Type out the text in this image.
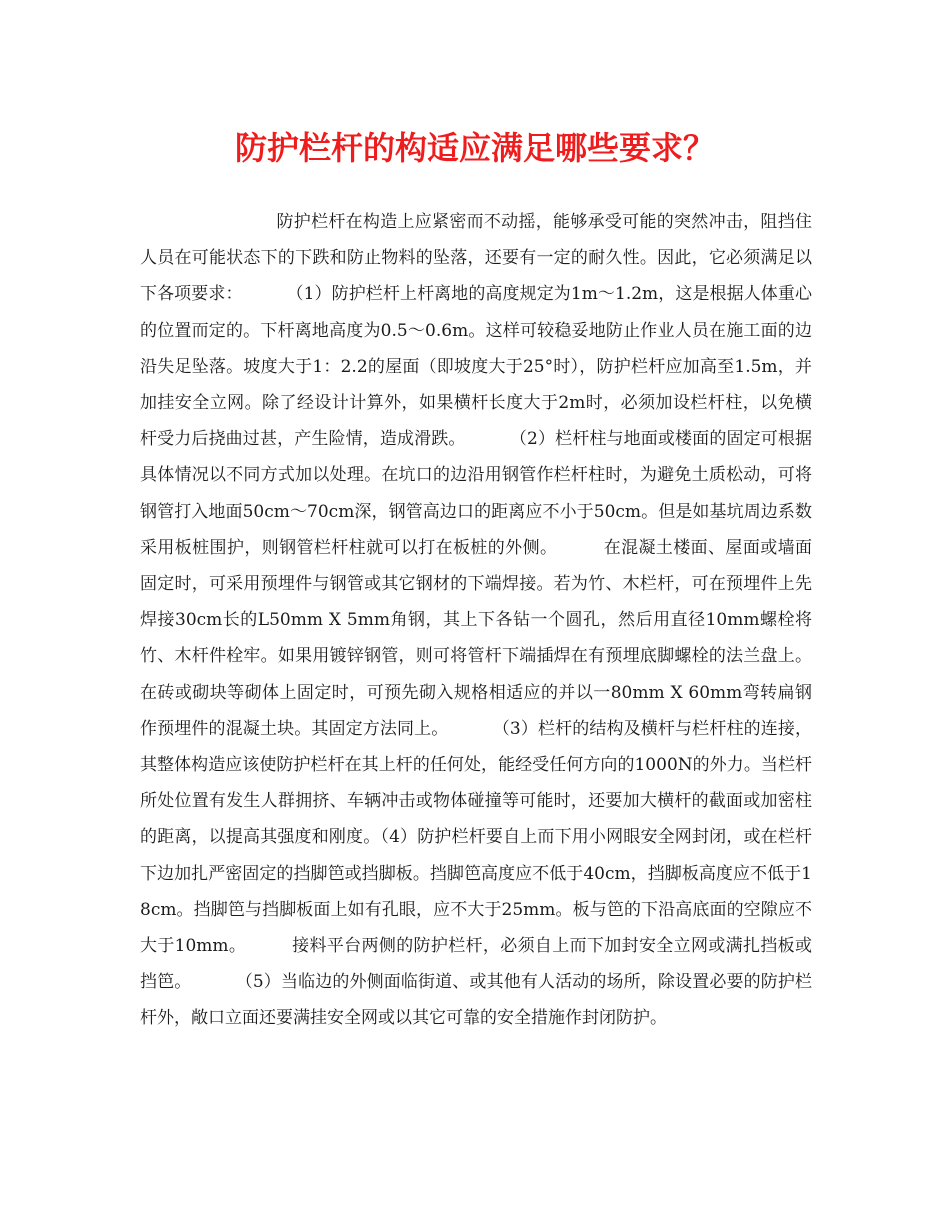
防护栏杆的构适应满足哪些要求？

防护栏杆在构造上应紧密而不动摇，能够承受可能的突然冲击，阻挡住人员在可能状态下的下跌和防止物料的坠落，还要有一定的耐久性。因此，它必须满足以下各项要求：        （1）防护栏杆上杆离地的高度规定为1m～1.2m，这是根据人体重心的位置而定的。下杆离地高度为0.5～0.6m。这样可较稳妥地防止作业人员在施工面的边沿失足坠落。坡度大于1：2.2的屋面（即坡度大于25°时），防护栏杆应加高至1.5m，并加挂安全立网。除了经设计计算外，如果横杆长度大于2m时，必须加设栏杆柱，以免横杆受力后挠曲过甚，产生险情，造成滑跌。        （2）栏杆柱与地面或楼面的固定可根据具体情况以不同方式加以处理。在坑口的边沿用钢管作栏杆柱时，为避免土质松动，可将钢管打入地面50cm～70cm深，钢管高边口的距离应不小于50cm。但是如基坑周边系数采用板桩围护，则钢管栏杆柱就可以打在板桩的外侧。        在混凝土楼面、屋面或墙面固定时，可采用预埋件与钢管或其它钢材的下端焊接。若为竹、木栏杆，可在预埋件上先焊接30cm长的L50mm X 5mm角钢，其上下各钻一个圆孔，然后用直径10mm螺栓将竹、木杆件栓牢。如果用镀锌钢管，则可将管杆下端插焊在有预埋底脚螺栓的法兰盘上。        在砖或砌块等砌体上固定时，可预先砌入规格相适应的并以一80mm X 60mm弯转扁钢作预埋件的混凝土块。其固定方法同上。        （3）栏杆的结构及横杆与栏杆柱的连接，其整体构造应该使防护栏杆在其上杆的任何处，能经受任何方向的1000N的外力。当栏杆所处位置有发生人群拥挤、车辆冲击或物体碰撞等可能时，还要加大横杆的截面或加密柱的距离，以提高其强度和刚度。（4）防护栏杆要自上而下用小网眼安全网封闭，或在栏杆下边加扎严密固定的挡脚笆或挡脚板。挡脚笆高度应不低于40cm，挡脚板高度应不低于18cm。挡脚笆与挡脚板面上如有孔眼，应不大于25mm。板与笆的下沿高底面的空隙应不大于10mm。        接料平台两侧的防护栏杆，必须自上而下加封安全立网或满扎挡板或挡笆。        （5）当临边的外侧面临街道、或其他有人活动的场所，除设置必要的防护栏杆外，敞口立面还要满挂安全网或以其它可靠的安全措施作封闭防护。
